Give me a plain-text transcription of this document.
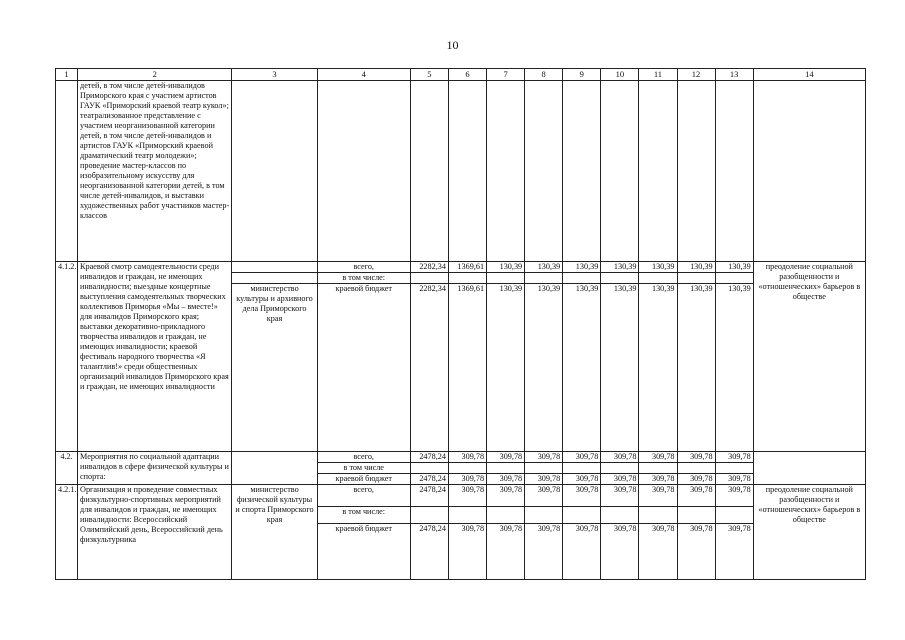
10
1	2	3	4	5	6	7	8	9	10	11	12	13	14
	детей, в том числе детей-инвалидов Приморского края с участием артистов ГАУК «Приморский краевой театр кукол»; театрализованное представление с участием неорганизованной категории детей, в том числе детей-инвалидов и артистов ГАУК «Приморский краевой драматический театр молодежи»; проведение мастер-классов по изобразительному искусству для неорганизованной категории детей, в том числе детей-инвалидов, и выставки художественных работ участников мастер-классов												
4.1.2.	Краевой смотр самодеятельности среди инвалидов и граждан, не имеющих инвалидности; выездные концертные выступления самодеятельных творческих коллективов Приморья «Мы – вместе!» для инвалидов Приморского края; выставки декоративно-прикладного творчества инвалидов и граждан, не имеющих инвалидности; краевой фестиваль народного творчества «Я талантлив!» среди общественных организаций инвалидов Приморского края и граждан, не имеющих инвалидности		всего,	2282,34	1369,61	130,39	130,39	130,39	130,39	130,39	130,39	130,39	преодоление социальной разобщенности и «отношенческих» барьеров в обществе
			в том числе:										
		министерство культуры и архивного дела Приморского края	краевой бюджет	2282,34	1369,61	130,39	130,39	130,39	130,39	130,39	130,39	130,39	
4.2.	Мероприятия по социальной адаптации инвалидов в сфере физической культуры и спорта:		всего,	2478,24	309,78	309,78	309,78	309,78	309,78	309,78	309,78	309,78	
			в том числе										
			краевой бюджет	2478,24	309,78	309,78	309,78	309,78	309,78	309,78	309,78	309,78	
4.2.1.	Организация и проведение совместных физкультурно-спортивных мероприятий для инвалидов и граждан, не имеющих инвалидности: Всероссийский Олимпийский день, Всероссийский день физкультурника	министерство физической культуры и спорта Приморского края	всего,	2478,24	309,78	309,78	309,78	309,78	309,78	309,78	309,78	309,78	преодоление социальной разобщенности и «отношенческих» барьеров в обществе
			в том числе:										
			краевой бюджет	2478,24	309,78	309,78	309,78	309,78	309,78	309,78	309,78	309,78	
